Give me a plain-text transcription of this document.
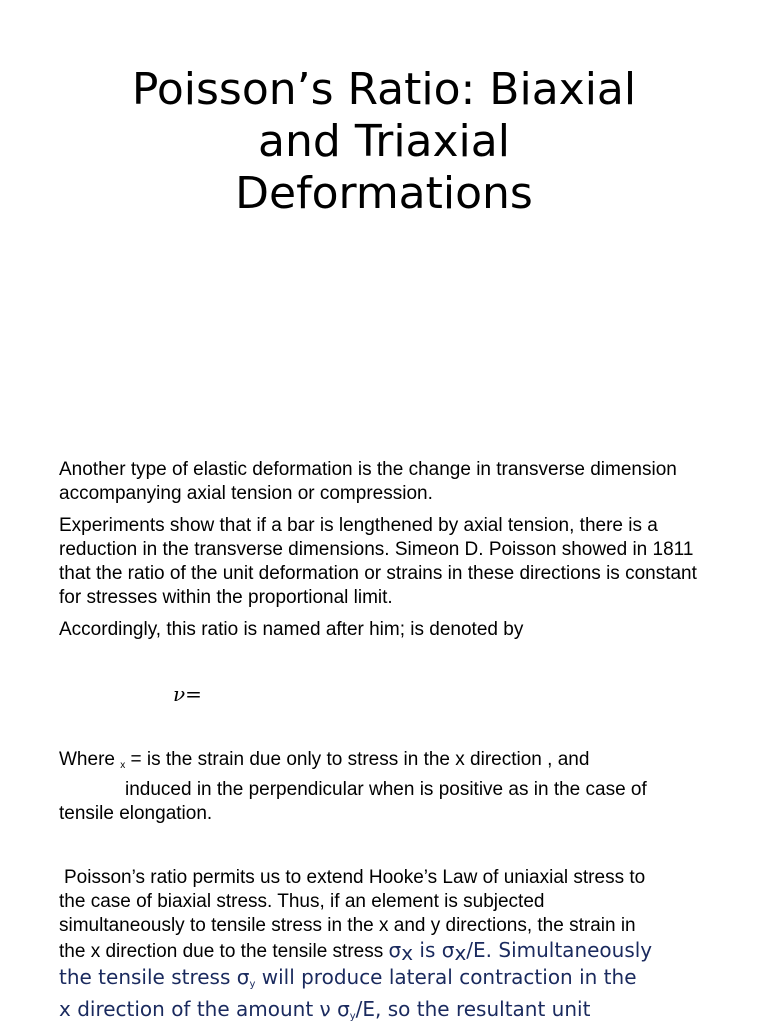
Poisson’s Ratio: Biaxial
and Triaxial
Deformations

Another type of elastic deformation is the change in transverse dimension accompanying axial tension or compression.

Experiments show that if a bar is lengthened by axial tension, there is a reduction in the transverse dimensions. Simeon D. Poisson showed in 1811 that the ratio of the unit deformation or strains in these directions is constant for stresses within the proportional limit.

Accordingly, this ratio is named after him; is denoted by

ν=
Where $_x$ = is the strain due only to stress in the x direction , and
induced in the perpendicular when is positive as in the case of
tensile elongation.
Poisson’s ratio permits us to extend Hooke’s Law of uniaxial stress to
the case of biaxial stress. Thus, if an element is subjected
simultaneously to tensile stress in the x and y directions, the strain in
the x direction due to the tensile stress σx is σx/E. Simultaneously
the tensile stress $\sigma_y$ will produce lateral contraction in the
x direction of the amount ν $\sigma_y/E$, so the resultant unit
